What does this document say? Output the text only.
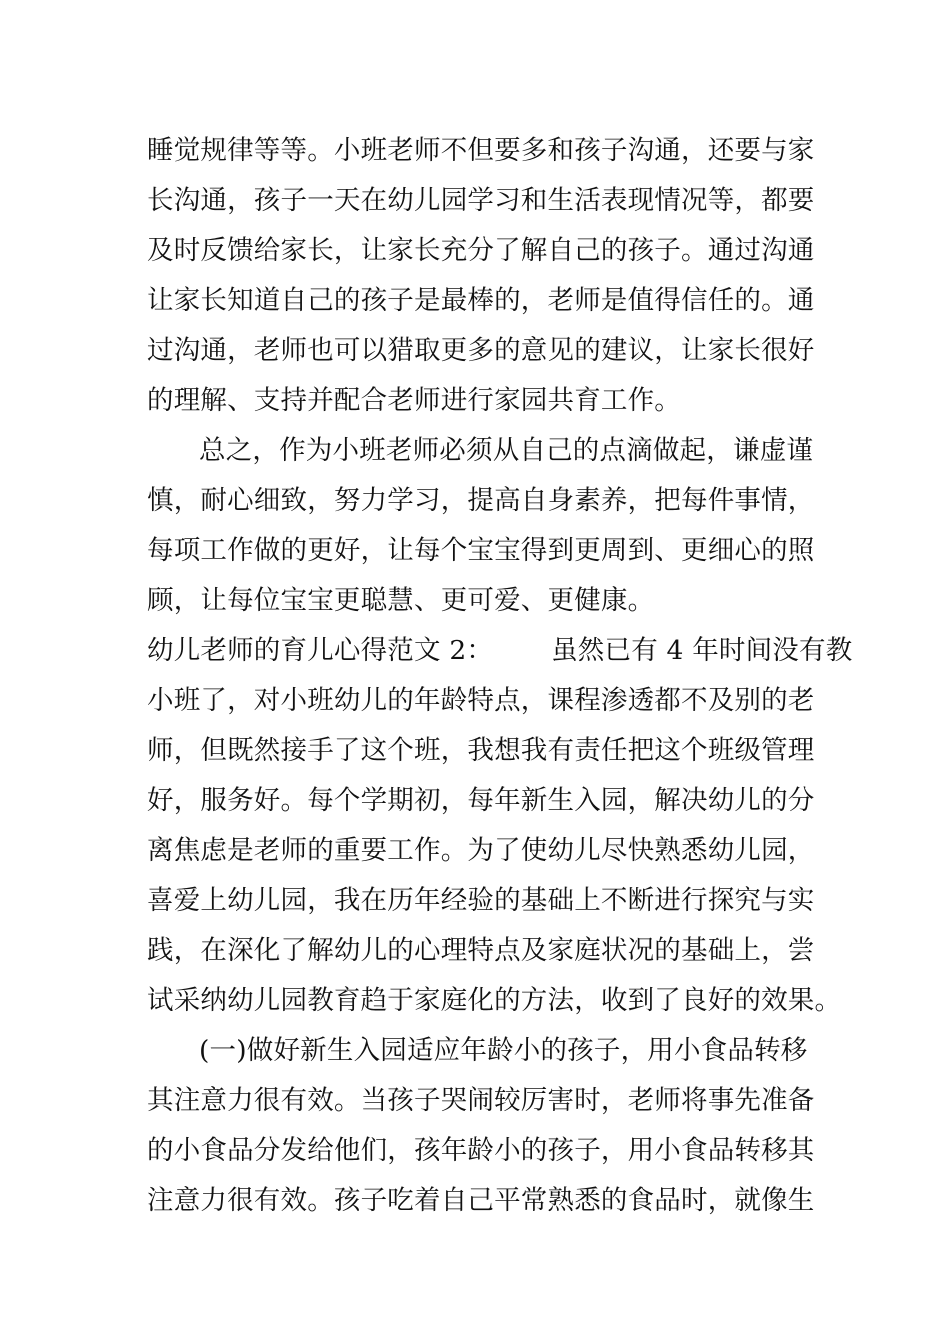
睡觉规律等等。小班老师不但要多和孩子沟通，还要与家
长沟通，孩子一天在幼儿园学习和生活表现情况等，都要
及时反馈给家长，让家长充分了解自己的孩子。通过沟通
让家长知道自己的孩子是最棒的，老师是值得信任的。通
过沟通，老师也可以猎取更多的意见的建议，让家长很好
的理解、支持并配合老师进行家园共育工作。
总之，作为小班老师必须从自己的点滴做起，谦虚谨
慎，耐心细致，努力学习，提高自身素养，把每件事情，
每项工作做的更好，让每个宝宝得到更周到、更细心的照
顾，让每位宝宝更聪慧、更可爱、更健康。
幼儿老师的育儿心得范文 2： 虽然已有 4 年时间没有教
小班了，对小班幼儿的年龄特点，课程渗透都不及别的老
师，但既然接手了这个班，我想我有责任把这个班级管理
好，服务好。每个学期初，每年新生入园，解决幼儿的分
离焦虑是老师的重要工作。为了使幼儿尽快熟悉幼儿园，
喜爱上幼儿园，我在历年经验的基础上不断进行探究与实
践，在深化了解幼儿的心理特点及家庭状况的基础上，尝
试采纳幼儿园教育趋于家庭化的方法，收到了良好的效果。
(一)做好新生入园适应年龄小的孩子，用小食品转移
其注意力很有效。当孩子哭闹较厉害时，老师将事先准备
的小食品分发给他们，孩年龄小的孩子，用小食品转移其
注意力很有效。孩子吃着自己平常熟悉的食品时，就像生
